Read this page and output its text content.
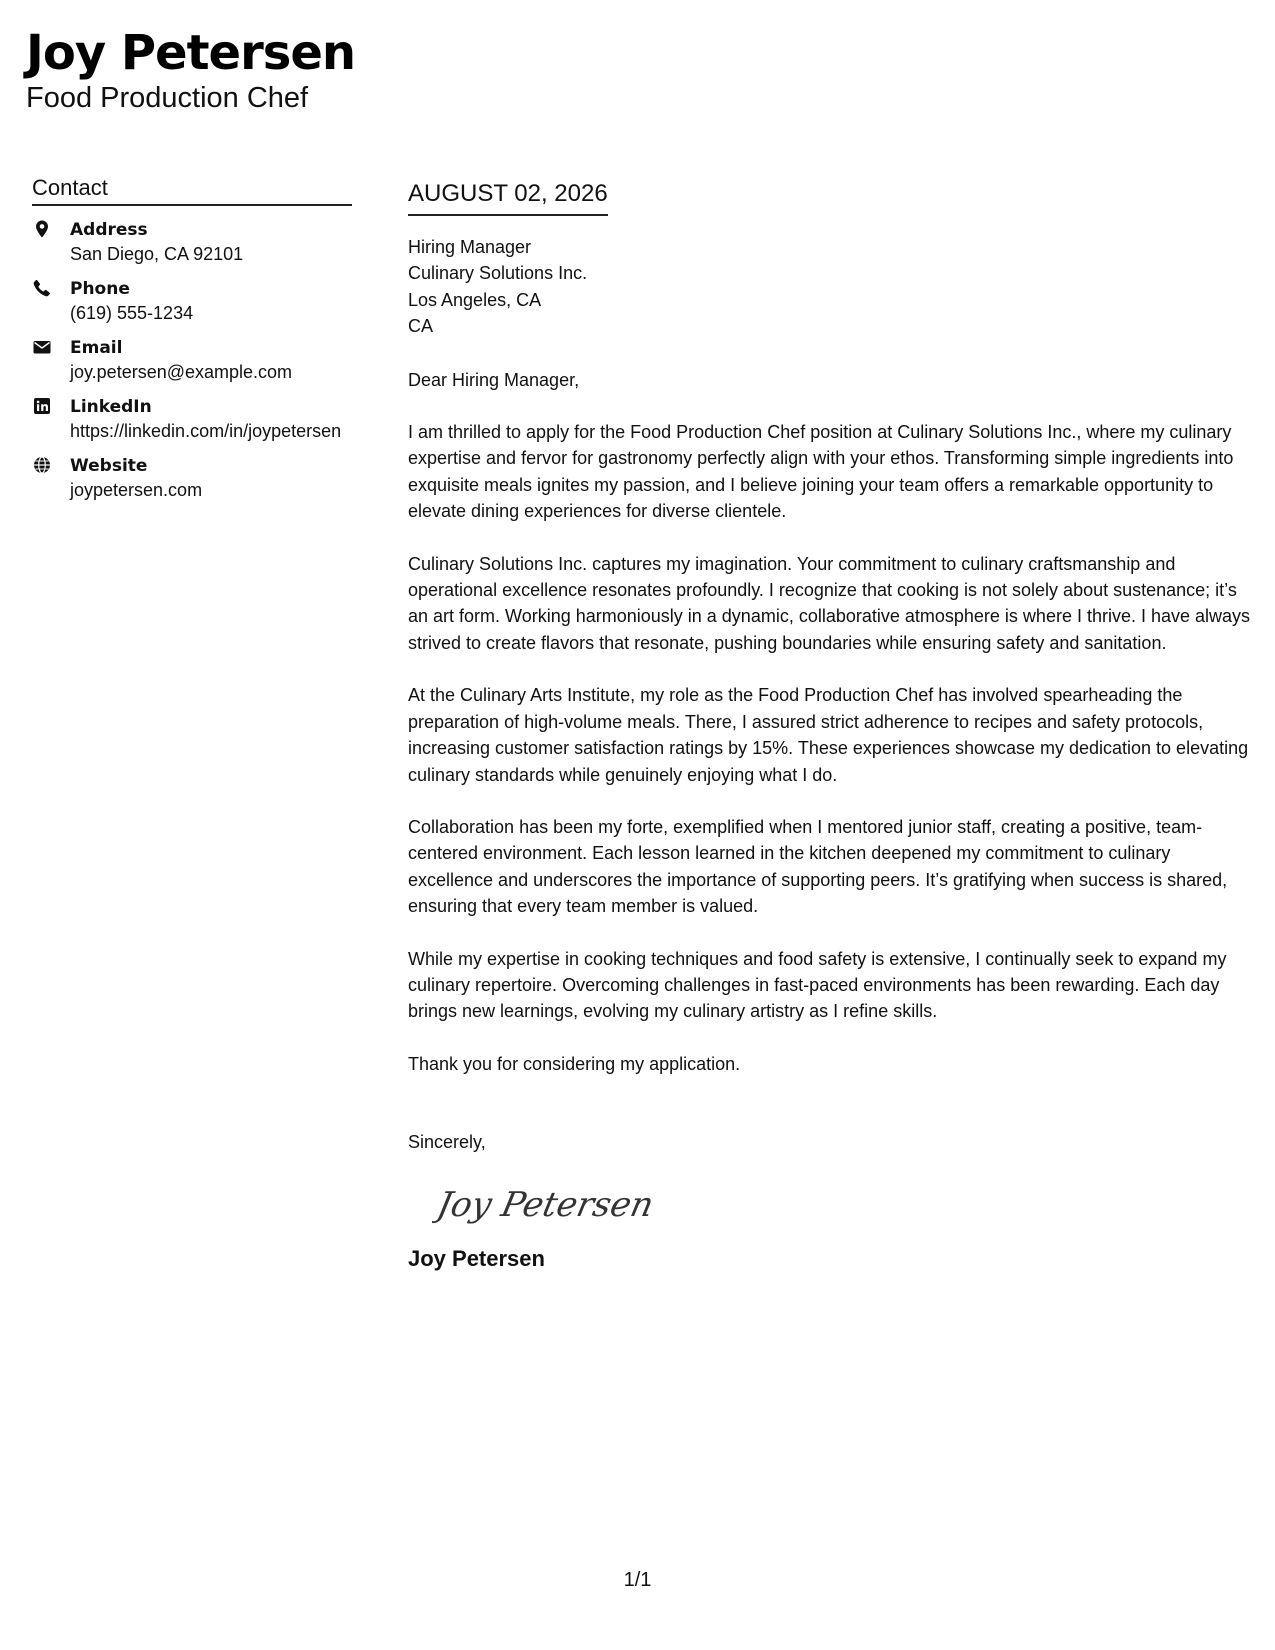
Joy Petersen
Food Production Chef
Contact
Address
San Diego, CA 92101
Phone
(619) 555-1234
Email
joy.petersen@example.com
LinkedIn
https://linkedin.com/in/joypetersen
Website
joypetersen.com
AUGUST 02, 2026
Hiring Manager
Culinary Solutions Inc.
Los Angeles, CA
CA
Dear Hiring Manager,

I am thrilled to apply for the Food Production Chef position at Culinary Solutions Inc., where my culinary expertise and fervor for gastronomy perfectly align with your ethos. Transforming simple ingredients into exquisite meals ignites my passion, and I believe joining your team offers a remarkable opportunity to elevate dining experiences for diverse clientele.

Culinary Solutions Inc. captures my imagination. Your commitment to culinary craftsmanship and operational excellence resonates profoundly. I recognize that cooking is not solely about sustenance; it’s an art form. Working harmoniously in a dynamic, collaborative atmosphere is where I thrive. I have always strived to create flavors that resonate, pushing boundaries while ensuring safety and sanitation.

At the Culinary Arts Institute, my role as the Food Production Chef has involved spearheading the preparation of high-volume meals. There, I assured strict adherence to recipes and safety protocols, increasing customer satisfaction ratings by 15%. These experiences showcase my dedication to elevating culinary standards while genuinely enjoying what I do.

Collaboration has been my forte, exemplified when I mentored junior staff, creating a positive, team-centered environment. Each lesson learned in the kitchen deepened my commitment to culinary excellence and underscores the importance of supporting peers. It’s gratifying when success is shared, ensuring that every team member is valued.

While my expertise in cooking techniques and food safety is extensive, I continually seek to expand my culinary repertoire. Overcoming challenges in fast-paced environments has been rewarding. Each day brings new learnings, evolving my culinary artistry as I refine skills.

Thank you for considering my application.

Sincerely,
Joy Petersen
Joy Petersen
1/1
